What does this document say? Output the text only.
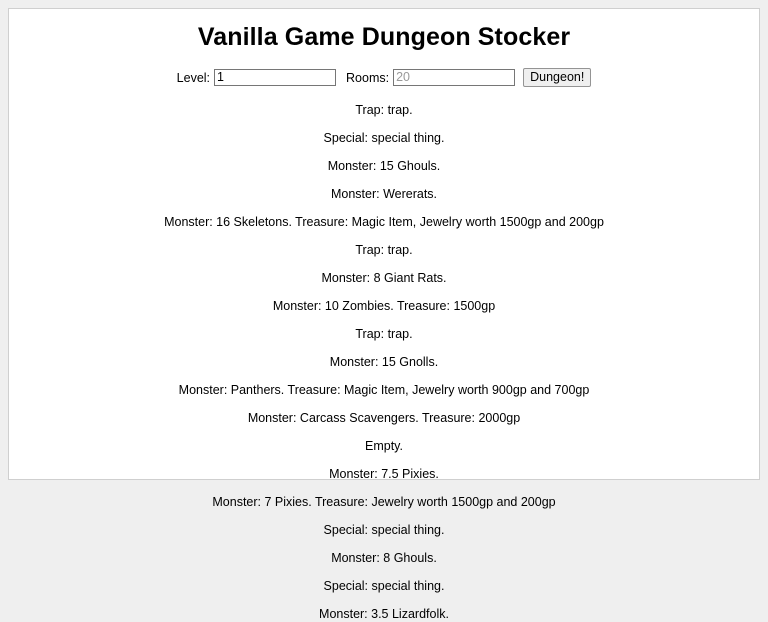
Vanilla Game Dungeon Stocker
Level:
1	Rooms:
20	Dungeon!
Trap: trap.
Special: special thing.
Monster: 15 Ghouls.
Monster: Wererats.
Monster: 16 Skeletons. Treasure: Magic Item, Jewelry worth 1500gp and 200gp
Trap: trap.
Monster: 8 Giant Rats.
Monster: 10 Zombies. Treasure: 1500gp
Trap: trap.
Monster: 15 Gnolls.
Monster: Panthers. Treasure: Magic Item, Jewelry worth 900gp and 700gp
Monster: Carcass Scavengers. Treasure: 2000gp
Empty.
Monster: 7.5 Pixies.
Monster: 7 Pixies. Treasure: Jewelry worth 1500gp and 200gp
Special: special thing.
Monster: 8 Ghouls.
Special: special thing.
Monster: 3.5 Lizardfolk.
